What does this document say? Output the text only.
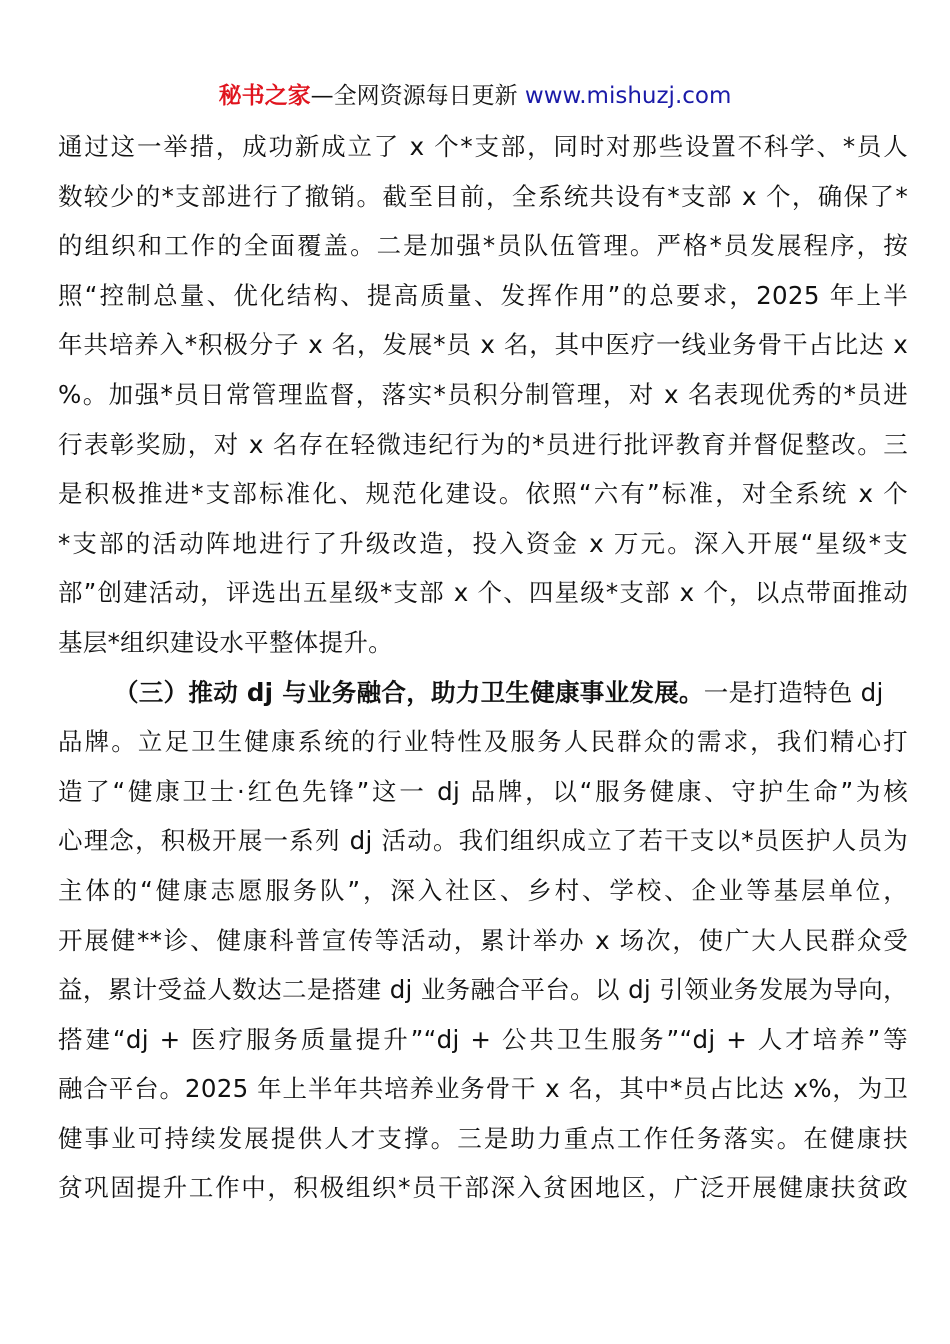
秘书之家—全网资源每日更新 www.mishuzj.com
通过这一举措，成功新成立了 x 个*支部，同时对那些设置不科学、*员人
数较少的*支部进行了撤销。截至目前，全系统共设有*支部 x 个，确保了*
的组织和工作的全面覆盖。二是加强*员队伍管理。严格*员发展程序，按
照“控制总量、优化结构、提高质量、发挥作用”的总要求，2025 年上半
年共培养入*积极分子 x 名，发展*员 x 名，其中医疗一线业务骨干占比达 x
%。加强*员日常管理监督，落实*员积分制管理，对 x 名表现优秀的*员进
行表彰奖励，对 x 名存在轻微违纪行为的*员进行批评教育并督促整改。三
是积极推进*支部标准化、规范化建设。依照“六有”标准，对全系统 x 个
*支部的活动阵地进行了升级改造，投入资金 x 万元。深入开展“星级*支
部”创建活动，评选出五星级*支部 x 个、四星级*支部 x 个，以点带面推动
基层*组织建设水平整体提升。
（三）推动 dj 与业务融合，助力卫生健康事业发展。一是打造特色 dj
品牌。立足卫生健康系统的行业特性及服务人民群众的需求，我们精心打
造了“健康卫士·红色先锋”这一 dj 品牌，以“服务健康、守护生命”为核
心理念，积极开展一系列 dj 活动。我们组织成立了若干支以*员医护人员为
主体的“健康志愿服务队”，深入社区、乡村、学校、企业等基层单位，
开展健**诊、健康科普宣传等活动，累计举办 x 场次，使广大人民群众受
益，累计受益人数达二是搭建 dj 业务融合平台。以 dj 引领业务发展为导向，
搭建“dj + 医疗服务质量提升”“dj + 公共卫生服务”“dj + 人才培养”等
融合平台。2025 年上半年共培养业务骨干 x 名，其中*员占比达 x%，为卫
健事业可持续发展提供人才支撑。三是助力重点工作任务落实。在健康扶
贫巩固提升工作中，积极组织*员干部深入贫困地区，广泛开展健康扶贫政
